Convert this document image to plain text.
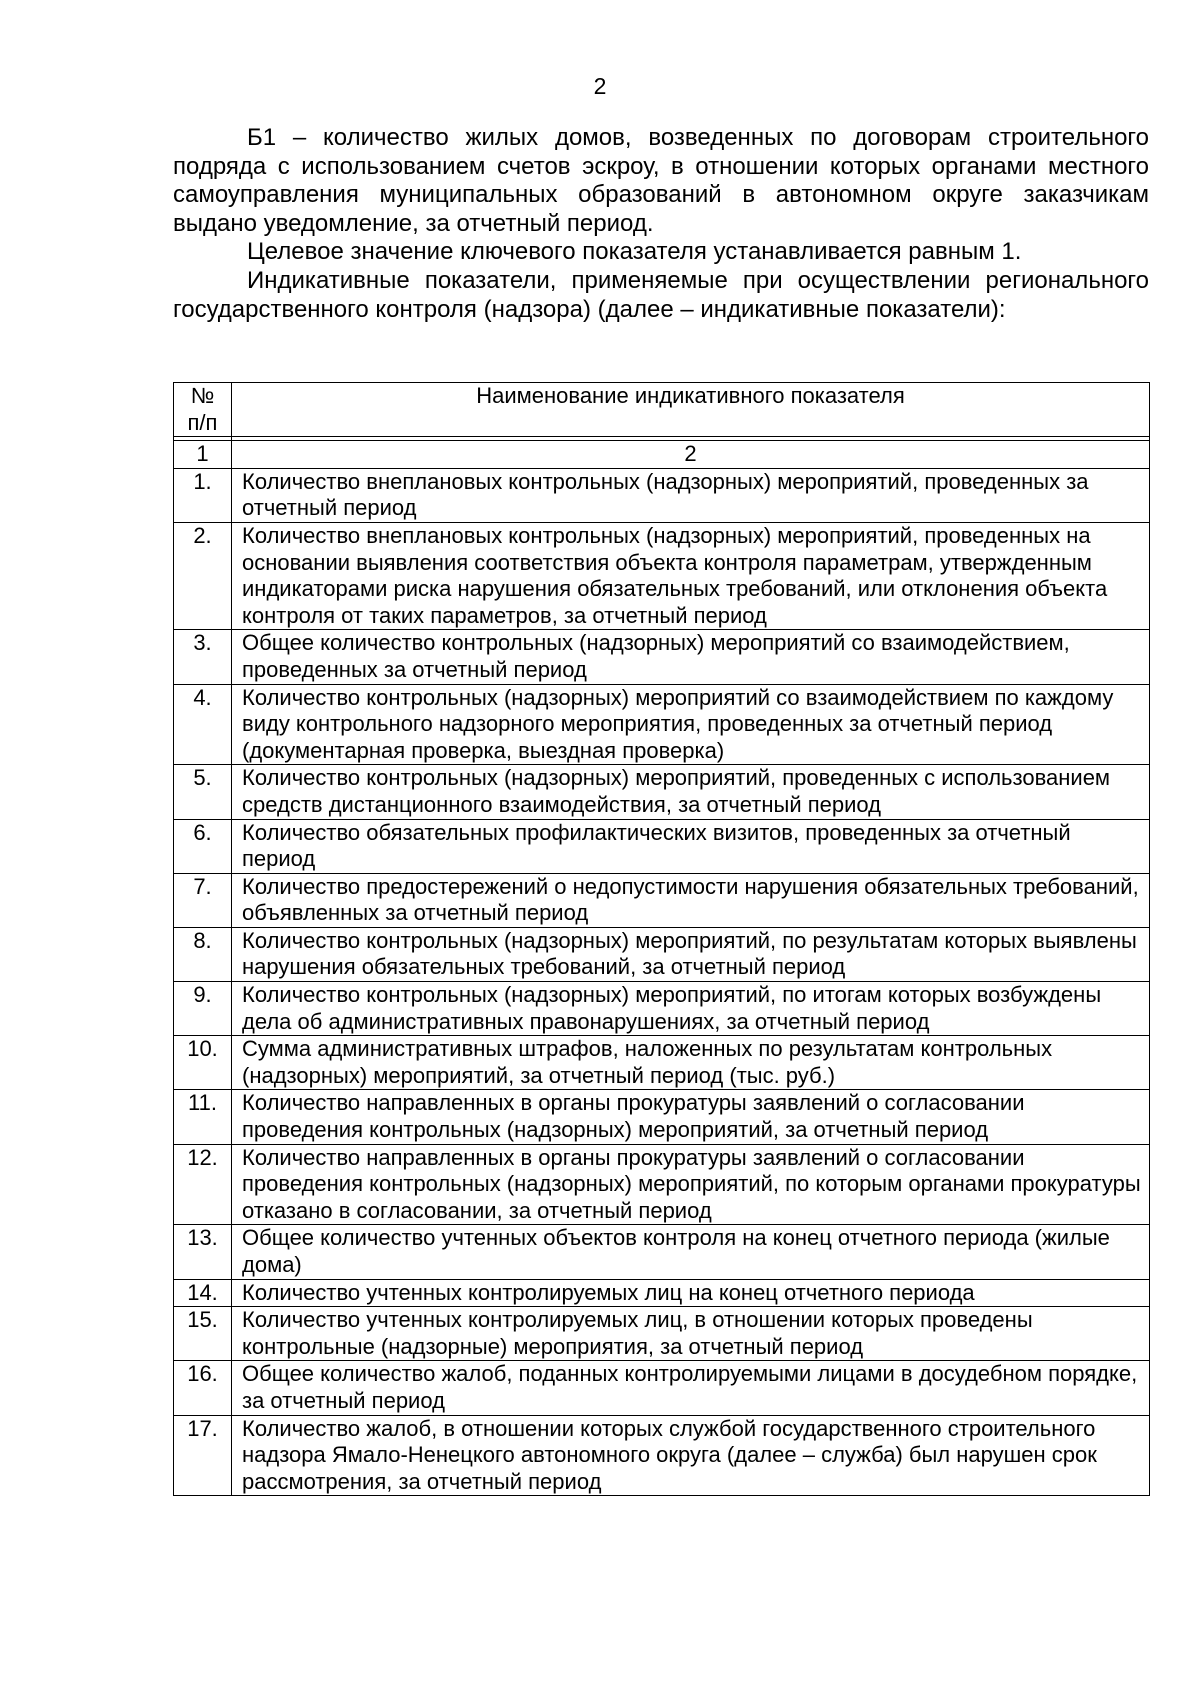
2

Б1 – количество жилых домов, возведенных по договорам строительного подряда с использованием счетов эскроу, в отношении которых органами местного самоуправления муниципальных образований в автономном округе заказчикам выдано уведомление, за отчетный период.

Целевое значение ключевого показателя устанавливается равным 1.

Индикативные показатели, применяемые при осуществлении регионального государственного контроля (надзора) (далее – индикативные показатели):

№ п/п	Наименование индикативного показателя

1	2
1.	Количество внеплановых контрольных (надзорных) мероприятий, проведенных за отчетный период
2.	Количество внеплановых контрольных (надзорных) мероприятий, проведенных на основании выявления соответствия объекта контроля параметрам, утвержденным индикаторами риска нарушения обязательных требований, или отклонения объекта контроля от таких параметров, за отчетный период
3.	Общее количество контрольных (надзорных) мероприятий со взаимодействием, проведенных за отчетный период
4.	Количество контрольных (надзорных) мероприятий со взаимодействием по каждому виду контрольного надзорного мероприятия, проведенных за отчетный период (документарная проверка, выездная проверка)
5.	Количество контрольных (надзорных) мероприятий, проведенных с использованием средств дистанционного взаимодействия, за отчетный период
6.	Количество обязательных профилактических визитов, проведенных за отчетный период
7.	Количество предостережений о недопустимости нарушения обязательных требований, объявленных за отчетный период
8.	Количество контрольных (надзорных) мероприятий, по результатам которых выявлены нарушения обязательных требований, за отчетный период
9.	Количество контрольных (надзорных) мероприятий, по итогам которых возбуждены дела об административных правонарушениях, за отчетный период
10.	Сумма административных штрафов, наложенных по результатам контрольных (надзорных) мероприятий, за отчетный период (тыс. руб.)
11.	Количество направленных в органы прокуратуры заявлений о согласовании проведения контрольных (надзорных) мероприятий, за отчетный период
12.	Количество направленных в органы прокуратуры заявлений о согласовании проведения контрольных (надзорных) мероприятий, по которым органами прокуратуры отказано в согласовании, за отчетный период
13.	Общее количество учтенных объектов контроля на конец отчетного периода (жилые дома)
14.	Количество учтенных контролируемых лиц на конец отчетного периода
15.	Количество учтенных контролируемых лиц, в отношении которых проведены контрольные (надзорные) мероприятия, за отчетный период
16.	Общее количество жалоб, поданных контролируемыми лицами в досудебном порядке, за отчетный период
17.	Количество жалоб, в отношении которых службой государственного строительного надзора Ямало-Ненецкого автономного округа (далее – служба) был нарушен срок рассмотрения, за отчетный период
